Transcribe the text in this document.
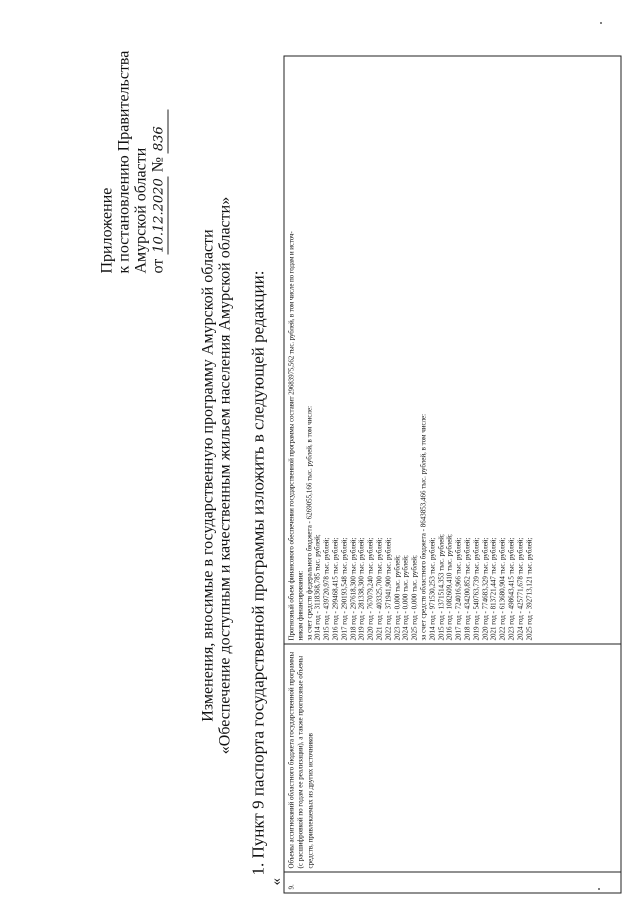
Приложение к постановлению Правительства Амурской области от 10.12.2020 № 836
Изменения, вносимые в государственную программу Амурской области «Обеспечение доступным и качественным жильем населения Амурской области» 1. Пункт 9 паспорта государственной программы изложить в следующей редакции:
«
9.
Объемы ассигнований областного бюджета государственной программы (с расшифровкой по годам ее реализации), а также прогнозные объемы средств, привлекаемых из других источников
Прогнозный объем финансового обеспечения государственной программы составит 29683975,562 тыс. рублей, в том числе по годам и источ- никам финансирования: за счет средств федерального бюджета - 6269055,166 тыс. рублей, в том числе: 2014 год - 3118368,785 тыс. рублей; 2015 год - 439720,978 тыс. рублей; 2016 год - 299468,415 тыс. рублей; 2017 год - 290193,548 тыс. рублей; 2018 год - 297618,300 тыс. рублей; 2019 год - 281338,300 тыс. рублей; 2020 год - 767079,240 тыс. рублей; 2021 год - 403325,700 тыс. рублей; 2022 год - 371941,900 тыс. рублей; 2023 год - 0,000 тыс. рублей; 2024 год - 0,000 тыс. рублей; 2025 год - 0,000 тыс. рублей; за счет средств областного бюджета - 8643853,466 тыс. рублей, в том числе: 2014 год - 971530,253 тыс. рублей; 2015 год - 1371514,353 тыс. рублей; 2016 год - 1082609,410 тыс. рублей; 2017 год - 724016,966 тыс. рублей; 2018 год - 434200,852 тыс. рублей; 2019 год - 540763,739 тыс. рублей; 2020 год - 774683,329 тыс. рублей; 2021 год - 813721,447 тыс. рублей; 2022 год - 613680,904 тыс. рублей; 2023 год - 498643,415 тыс. рублей; 2024 год - 425771,678 тыс. рублей; 2025 год - 392713,121 тыс. рублей;
